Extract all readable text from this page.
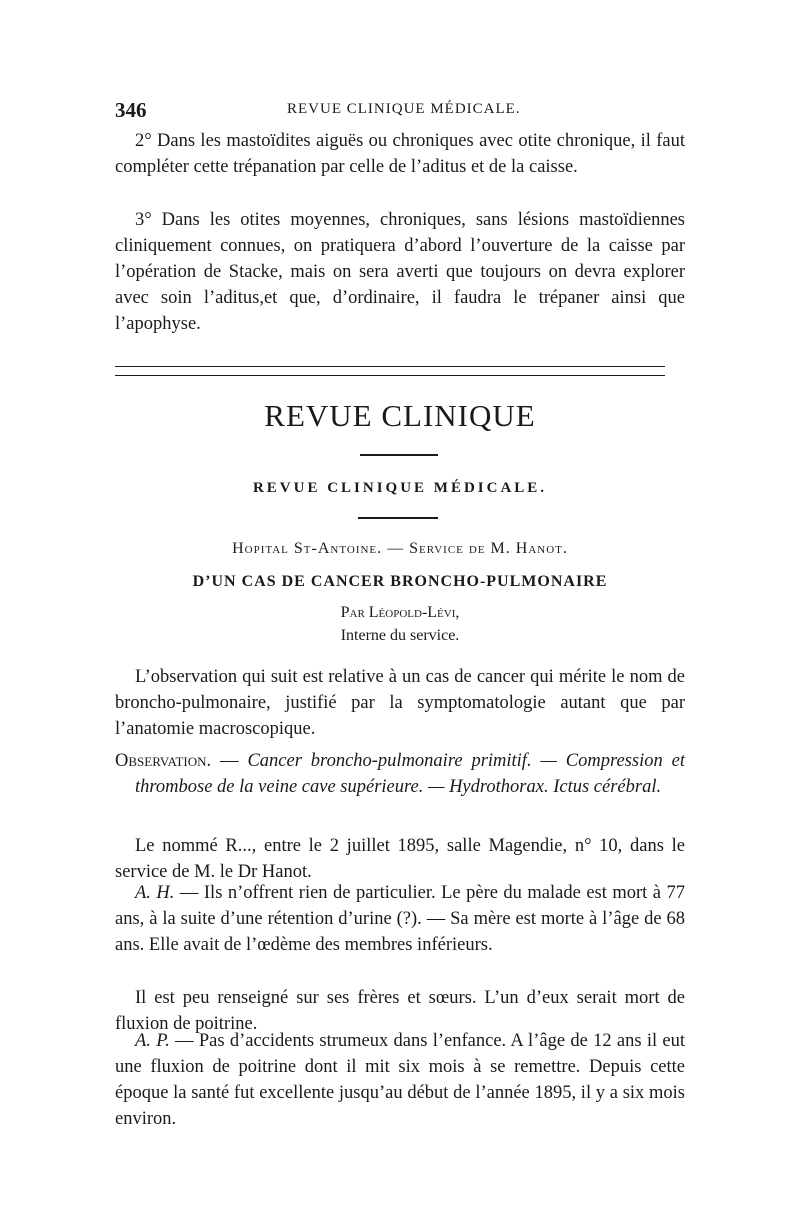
346	REVUE CLINIQUE MÉDICALE.

2° Dans les mastoïdites aiguës ou chroniques avec otite chronique, il faut compléter cette trépanation par celle de l’aditus et de la caisse.

3° Dans les otites moyennes, chroniques, sans lésions mastoïdiennes cliniquement connues, on pratiquera d’abord l’ouverture de la caisse par l’opération de Stacke, mais on sera averti que toujours on devra explorer avec soin l’aditus,et que, d’ordinaire, il faudra le trépaner ainsi que l’apophyse.

REVUE CLINIQUE
REVUE CLINIQUE MÉDICALE.
Hopital St-Antoine. — Service de M. Hanot.
D’UN CAS DE CANCER BRONCHO-PULMONAIRE
Par Léopold-Lévi,
Interne du service.

L’observation qui suit est relative à un cas de cancer qui mérite le nom de broncho-pulmonaire, justifié par la symptomatologie autant que par l’anatomie macroscopique.

Observation. — Cancer broncho-pulmonaire primitif. — Compression et thrombose de la veine cave supérieure. — Hydrothorax. Ictus cérébral.

Le nommé R..., entre le 2 juillet 1895, salle Magendie, n° 10, dans le service de M. le Dr Hanot.

A. H. — Ils n’offrent rien de particulier. Le père du malade est mort à 77 ans, à la suite d’une rétention d’urine (?). — Sa mère est morte à l’âge de 68 ans. Elle avait de l’œdème des membres inférieurs.

Il est peu renseigné sur ses frères et sœurs. L’un d’eux serait mort de fluxion de poitrine.

A. P. — Pas d’accidents strumeux dans l’enfance. A l’âge de 12 ans il eut une fluxion de poitrine dont il mit six mois à se remettre. Depuis cette époque la santé fut excellente jusqu’au début de l’année 1895, il y a six mois environ.
